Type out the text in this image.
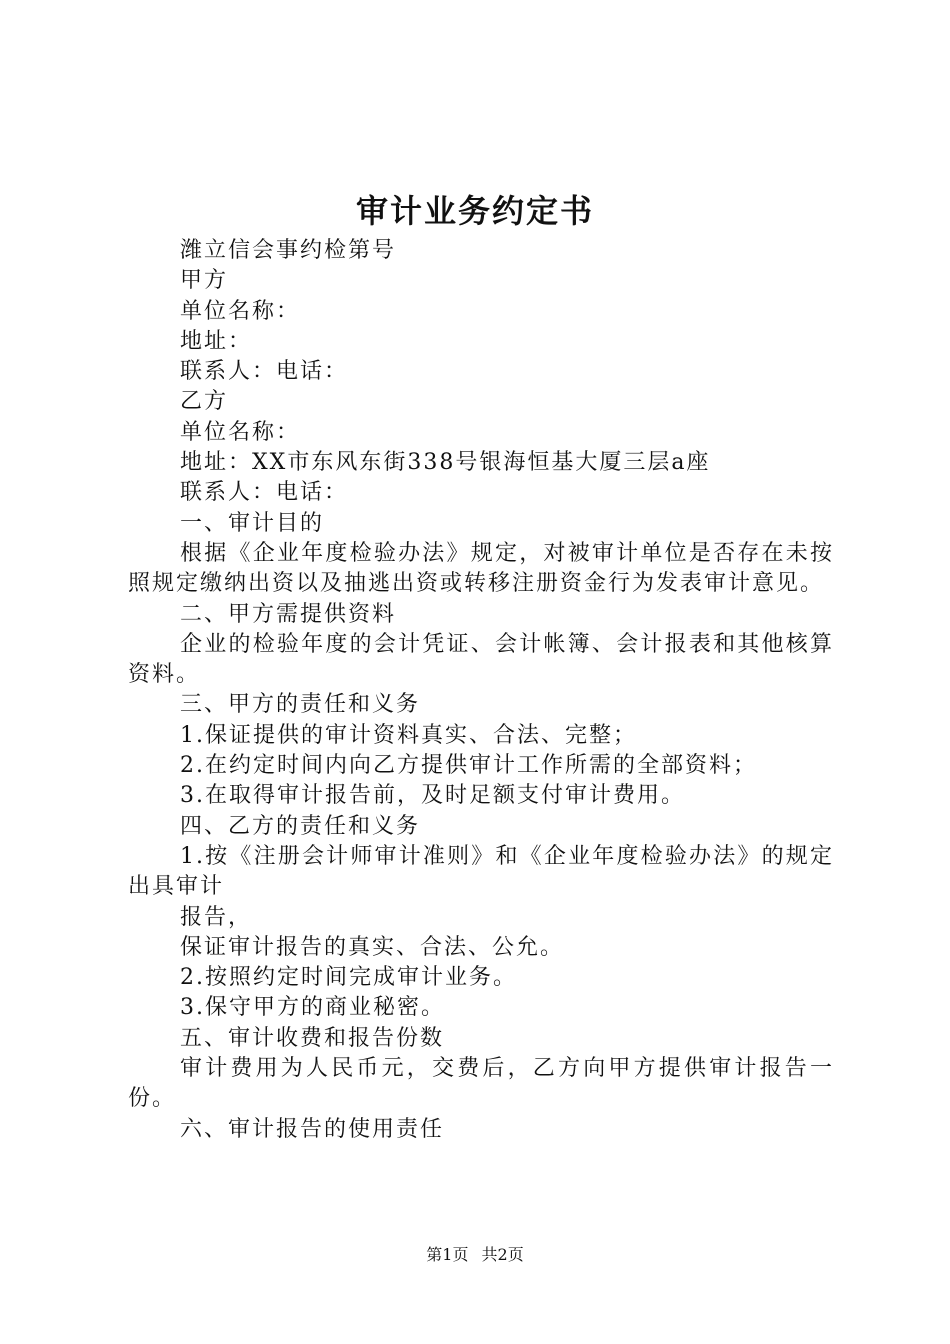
审计业务约定书
潍立信会事约检第号
甲方
单位名称：
地址：
联系人：电话：
乙方
单位名称：
地址：XX市东风东街338号银海恒基大厦三层a座
联系人：电话：
一、审计目的
根据《企业年度检验办法》规定，对被审计单位是否存在未按照规定缴纳出资以及抽逃出资或转移注册资金行为发表审计意见。
二、甲方需提供资料
企业的检验年度的会计凭证、会计帐簿、会计报表和其他核算资料。
三、甲方的责任和义务
1.保证提供的审计资料真实、合法、完整；
2.在约定时间内向乙方提供审计工作所需的全部资料；
3.在取得审计报告前，及时足额支付审计费用。
四、乙方的责任和义务
1.按《注册会计师审计准则》和《企业年度检验办法》的规定出具审计
报告，
保证审计报告的真实、合法、公允。
2.按照约定时间完成审计业务。
3.保守甲方的商业秘密。
五、审计收费和报告份数
审计费用为人民币元，交费后，乙方向甲方提供审计报告一份。
六、审计报告的使用责任
第1页 共2页
